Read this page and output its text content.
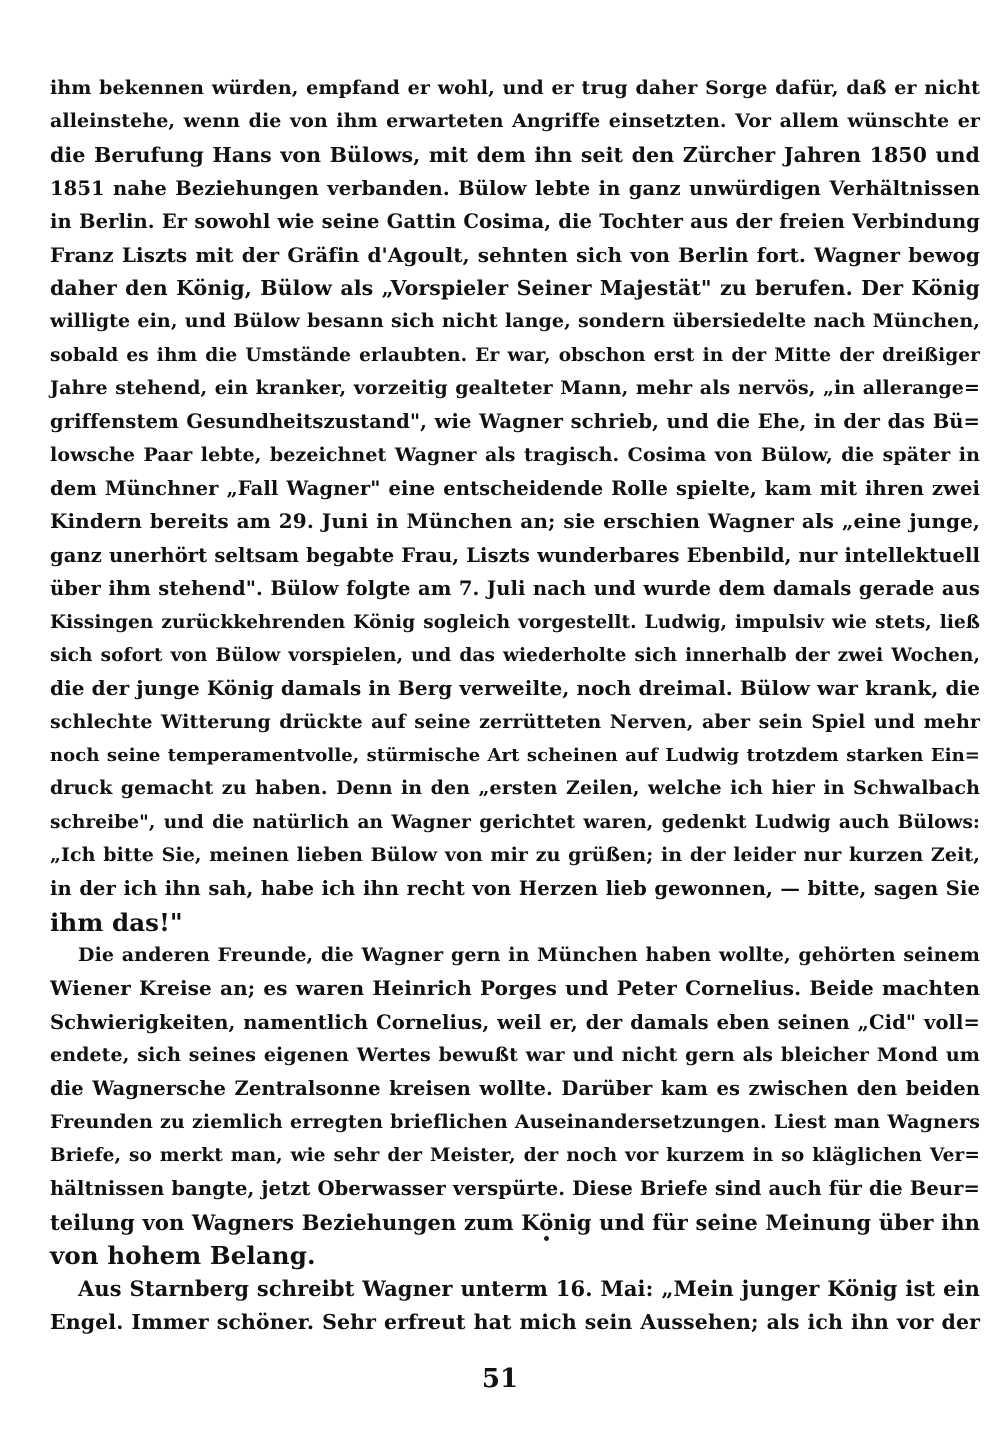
ihm bekennen würden, empfand er wohl, und er trug daher Sorge dafür, daß er nicht
alleinstehe, wenn die von ihm erwarteten Angriffe einsetzten. Vor allem wünschte er
die Berufung Hans von Bülows, mit dem ihn seit den Zürcher Jahren 1850 und
1851 nahe Beziehungen verbanden. Bülow lebte in ganz unwürdigen Verhältnissen
in Berlin. Er sowohl wie seine Gattin Cosima, die Tochter aus der freien Verbindung
Franz Liszts mit der Gräfin d'Agoult, sehnten sich von Berlin fort. Wagner bewog
daher den König, Bülow als „Vorspieler Seiner Majestät" zu berufen. Der König
willigte ein, und Bülow besann sich nicht lange, sondern übersiedelte nach München,
sobald es ihm die Umstände erlaubten. Er war, obschon erst in der Mitte der dreißiger
Jahre stehend, ein kranker, vorzeitig gealteter Mann, mehr als nervös, „in allerange=
griffenstem Gesundheitszustand", wie Wagner schrieb, und die Ehe, in der das Bü=
lowsche Paar lebte, bezeichnet Wagner als tragisch. Cosima von Bülow, die später in
dem Münchner „Fall Wagner" eine entscheidende Rolle spielte, kam mit ihren zwei
Kindern bereits am 29. Juni in München an; sie erschien Wagner als „eine junge,
ganz unerhört seltsam begabte Frau, Liszts wunderbares Ebenbild, nur intellektuell
über ihm stehend". Bülow folgte am 7. Juli nach und wurde dem damals gerade aus
Kissingen zurückkehrenden König sogleich vorgestellt. Ludwig, impulsiv wie stets, ließ
sich sofort von Bülow vorspielen, und das wiederholte sich innerhalb der zwei Wochen,
die der junge König damals in Berg verweilte, noch dreimal. Bülow war krank, die
schlechte Witterung drückte auf seine zerrütteten Nerven, aber sein Spiel und mehr
noch seine temperamentvolle, stürmische Art scheinen auf Ludwig trotzdem starken Ein=
druck gemacht zu haben. Denn in den „ersten Zeilen, welche ich hier in Schwalbach
schreibe", und die natürlich an Wagner gerichtet waren, gedenkt Ludwig auch Bülows:
„Ich bitte Sie, meinen lieben Bülow von mir zu grüßen; in der leider nur kurzen Zeit,
in der ich ihn sah, habe ich ihn recht von Herzen lieb gewonnen, — bitte, sagen Sie
ihm das!"
Die anderen Freunde, die Wagner gern in München haben wollte, gehörten seinem
Wiener Kreise an; es waren Heinrich Porges und Peter Cornelius. Beide machten
Schwierigkeiten, namentlich Cornelius, weil er, der damals eben seinen „Cid" voll=
endete, sich seines eigenen Wertes bewußt war und nicht gern als bleicher Mond um
die Wagnersche Zentralsonne kreisen wollte. Darüber kam es zwischen den beiden
Freunden zu ziemlich erregten brieflichen Auseinandersetzungen. Liest man Wagners
Briefe, so merkt man, wie sehr der Meister, der noch vor kurzem in so kläglichen Ver=
hältnissen bangte, jetzt Oberwasser verspürte. Diese Briefe sind auch für die Beur=
teilung von Wagners Beziehungen zum König und für seine Meinung über ihn
von hohem Belang.
Aus Starnberg schreibt Wagner unterm 16. Mai: „Mein junger König ist ein
Engel. Immer schöner. Sehr erfreut hat mich sein Aussehen; als ich ihn vor der
51
